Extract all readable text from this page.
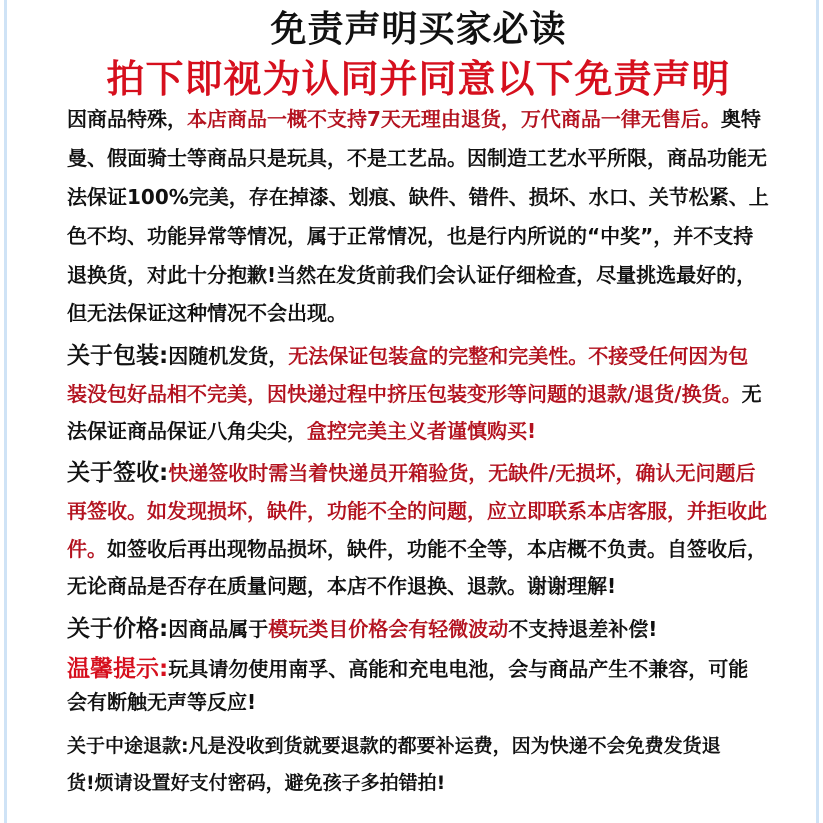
免责声明买家必读
拍下即视为认同并同意以下免责声明
因商品特殊，本店商品一概不支持7天无理由退货，万代商品一律无售后。奥特
曼、假面骑士等商品只是玩具，不是工艺品。因制造工艺水平所限，商品功能无
法保证100%完美，存在掉漆、划痕、缺件、错件、损坏、水口、关节松紧、上
色不均、功能异常等情况，属于正常情况，也是行内所说的“中奖”，并不支持
退换货，对此十分抱歉!当然在发货前我们会认证仔细检查，尽量挑选最好的，
但无法保证这种情况不会出现。
关于包装:因随机发货，无法保证包装盒的完整和完美性。不接受任何因为包
装没包好品相不完美，因快递过程中挤压包装变形等问题的退款/退货/换货。无
法保证商品保证八角尖尖，盒控完美主义者谨慎购买!
关于签收:快递签收时需当着快递员开箱验货，无缺件/无损坏，确认无问题后
再签收。如发现损坏，缺件，功能不全的问题，应立即联系本店客服，并拒收此
件。如签收后再出现物品损坏，缺件，功能不全等，本店概不负责。自签收后，
无论商品是否存在质量问题，本店不作退换、退款。谢谢理解!
关于价格:因商品属于模玩类目价格会有轻微波动不支持退差补偿!
温馨提示:玩具请勿使用南孚、高能和充电电池，会与商品产生不兼容，可能
会有断触无声等反应!
关于中途退款:凡是没收到货就要退款的都要补运费，因为快递不会免费发货退
货!烦请设置好支付密码，避免孩子多拍错拍!
